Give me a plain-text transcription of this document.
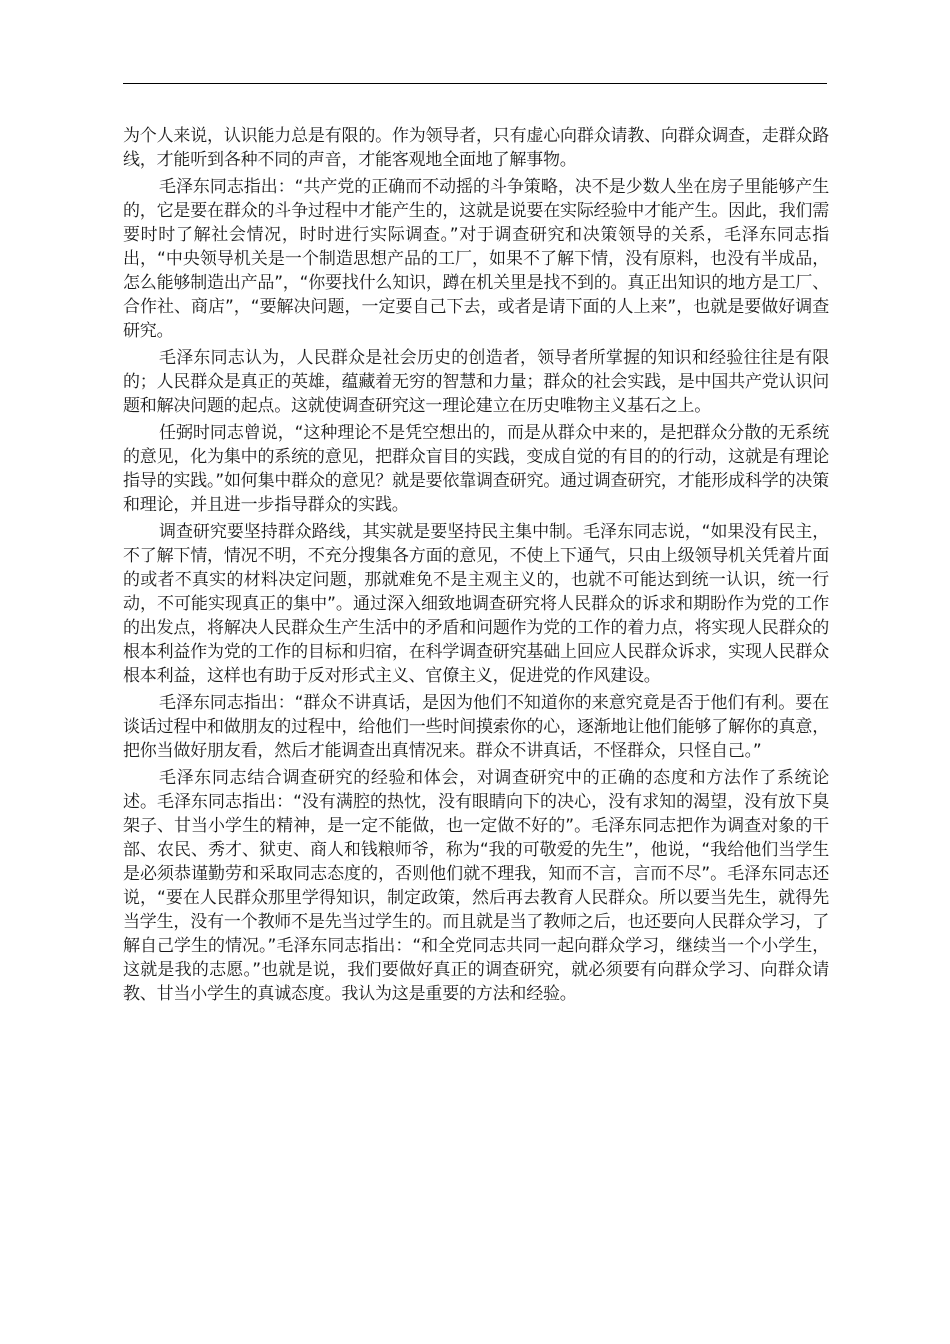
为个人来说，认识能力总是有限的。作为领导者，只有虚心向群众请教、向群众调查，走群众路线，才能听到各种不同的声音，才能客观地全面地了解事物。

毛泽东同志指出：“共产党的正确而不动摇的斗争策略，决不是少数人坐在房子里能够产生的，它是要在群众的斗争过程中才能产生的，这就是说要在实际经验中才能产生。因此，我们需要时时了解社会情况，时时进行实际调查。”对于调查研究和决策领导的关系，毛泽东同志指出，“中央领导机关是一个制造思想产品的工厂，如果不了解下情，没有原料，也没有半成品，怎么能够制造出产品”，“你要找什么知识，蹲在机关里是找不到的。真正出知识的地方是工厂、合作社、商店”，“要解决问题，一定要自己下去，或者是请下面的人上来”，也就是要做好调查研究。

毛泽东同志认为，人民群众是社会历史的创造者，领导者所掌握的知识和经验往往是有限的；人民群众是真正的英雄，蕴藏着无穷的智慧和力量；群众的社会实践，是中国共产党认识问题和解决问题的起点。这就使调查研究这一理论建立在历史唯物主义基石之上。

任弼时同志曾说，“这种理论不是凭空想出的，而是从群众中来的，是把群众分散的无系统的意见，化为集中的系统的意见，把群众盲目的实践，变成自觉的有目的的行动，这就是有理论指导的实践。”如何集中群众的意见？就是要依靠调查研究。通过调查研究，才能形成科学的决策和理论，并且进一步指导群众的实践。

调查研究要坚持群众路线，其实就是要坚持民主集中制。毛泽东同志说，“如果没有民主，不了解下情，情况不明，不充分搜集各方面的意见，不使上下通气，只由上级领导机关凭着片面的或者不真实的材料决定问题，那就难免不是主观主义的，也就不可能达到统一认识，统一行动，不可能实现真正的集中”。通过深入细致地调查研究将人民群众的诉求和期盼作为党的工作的出发点，将解决人民群众生产生活中的矛盾和问题作为党的工作的着力点，将实现人民群众的根本利益作为党的工作的目标和归宿，在科学调查研究基础上回应人民群众诉求，实现人民群众根本利益，这样也有助于反对形式主义、官僚主义，促进党的作风建设。

毛泽东同志指出：“群众不讲真话，是因为他们不知道你的来意究竟是否于他们有利。要在谈话过程中和做朋友的过程中，给他们一些时间摸索你的心，逐渐地让他们能够了解你的真意，把你当做好朋友看，然后才能调查出真情况来。群众不讲真话，不怪群众，只怪自己。”

毛泽东同志结合调查研究的经验和体会，对调查研究中的正确的态度和方法作了系统论述。毛泽东同志指出：“没有满腔的热忱，没有眼睛向下的决心，没有求知的渴望，没有放下臭架子、甘当小学生的精神，是一定不能做，也一定做不好的”。毛泽东同志把作为调查对象的干部、农民、秀才、狱吏、商人和钱粮师爷，称为“我的可敬爱的先生”，他说，“我给他们当学生是必须恭谨勤劳和采取同志态度的，否则他们就不理我，知而不言，言而不尽”。毛泽东同志还说，“要在人民群众那里学得知识，制定政策，然后再去教育人民群众。所以要当先生，就得先当学生，没有一个教师不是先当过学生的。而且就是当了教师之后，也还要向人民群众学习，了解自己学生的情况。”毛泽东同志指出：“和全党同志共同一起向群众学习，继续当一个小学生，这就是我的志愿。”也就是说，我们要做好真正的调查研究，就必须要有向群众学习、向群众请教、甘当小学生的真诚态度。我认为这是重要的方法和经验。
